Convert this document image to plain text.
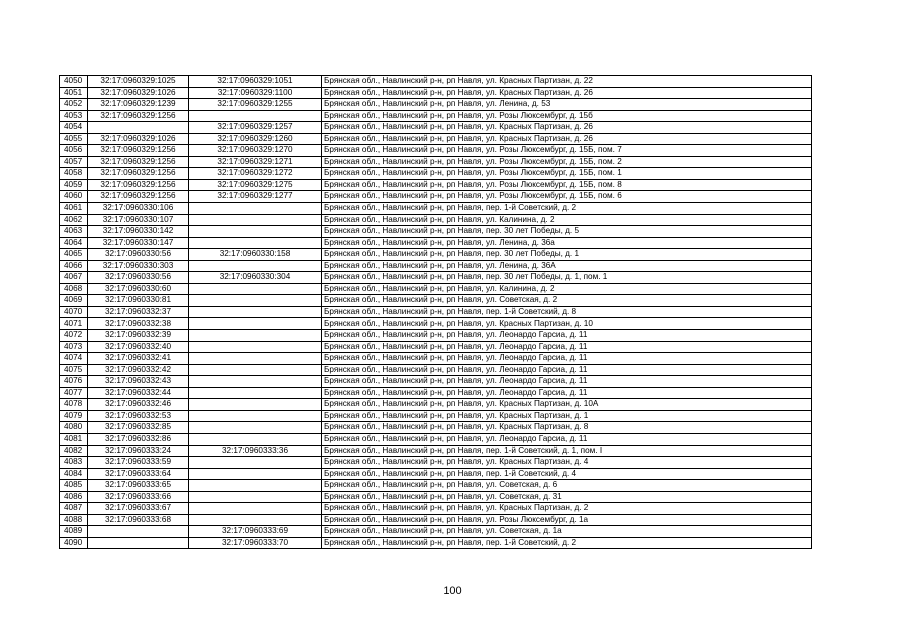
4050	32:17:0960329:1025	32:17:0960329:1051	Брянская обл., Навлинский р-н, рп Навля, ул. Красных Партизан, д. 22
4051	32:17:0960329:1026	32:17:0960329:1100	Брянская обл., Навлинский р-н, рп Навля, ул. Красных Партизан, д. 26
4052	32:17:0960329:1239	32:17:0960329:1255	Брянская обл., Навлинский р-н, рп Навля, ул. Ленина, д. 53
4053	32:17:0960329:1256		Брянская обл., Навлинский р-н, рп Навля, ул. Розы Люксембург, д. 15б
4054		32:17:0960329:1257	Брянская обл., Навлинский р-н, рп Навля, ул. Красных Партизан, д. 26
4055	32:17:0960329:1026	32:17:0960329:1260	Брянская обл., Навлинский р-н, рп Навля, ул. Красных Партизан, д. 26
4056	32:17:0960329:1256	32:17:0960329:1270	Брянская обл., Навлинский р-н, рп Навля, ул. Розы Люксембург, д. 15Б, пом. 7
4057	32:17:0960329:1256	32:17:0960329:1271	Брянская обл., Навлинский р-н, рп Навля, ул. Розы Люксембург, д. 15Б, пом. 2
4058	32:17:0960329:1256	32:17:0960329:1272	Брянская обл., Навлинский р-н, рп Навля, ул. Розы Люксембург, д. 15Б, пом. 1
4059	32:17:0960329:1256	32:17:0960329:1275	Брянская обл., Навлинский р-н, рп Навля, ул. Розы Люксембург, д. 15Б, пом. 8
4060	32:17:0960329:1256	32:17:0960329:1277	Брянская обл., Навлинский р-н, рп Навля, ул. Розы Люксембург, д. 15Б, пом. 6
4061	32:17:0960330:106		Брянская обл., Навлинский р-н, рп Навля, пер. 1-й Советский, д. 2
4062	32:17:0960330:107		Брянская обл., Навлинский р-н, рп Навля, ул. Калинина, д. 2
4063	32:17:0960330:142		Брянская обл., Навлинский р-н, рп Навля, пер. 30 лет Победы, д. 5
4064	32:17:0960330:147		Брянская обл., Навлинский р-н, рп Навля, ул. Ленина, д. 36а
4065	32:17:0960330:56	32:17:0960330:158	Брянская обл., Навлинский р-н, рп Навля, пер. 30 лет Победы, д. 1
4066	32:17:0960330:303		Брянская обл., Навлинский р-н, рп Навля, ул. Ленина, д. 36А
4067	32:17:0960330:56	32:17:0960330:304	Брянская обл., Навлинский р-н, рп Навля, пер. 30 лет Победы, д. 1, пом. 1
4068	32:17:0960330:60		Брянская обл., Навлинский р-н, рп Навля, ул. Калинина, д. 2
4069	32:17:0960330:81		Брянская обл., Навлинский р-н, рп Навля, ул. Советская, д. 2
4070	32:17:0960332:37		Брянская обл., Навлинский р-н, рп Навля, пер. 1-й Советский, д. 8
4071	32:17:0960332:38		Брянская обл., Навлинский р-н, рп Навля, ул. Красных Партизан, д. 10
4072	32:17:0960332:39		Брянская обл., Навлинский р-н, рп Навля, ул. Леонардо Гарсиа, д. 11
4073	32:17:0960332:40		Брянская обл., Навлинский р-н, рп Навля, ул. Леонардо Гарсиа, д. 11
4074	32:17:0960332:41		Брянская обл., Навлинский р-н, рп Навля, ул. Леонардо Гарсиа, д. 11
4075	32:17:0960332:42		Брянская обл., Навлинский р-н, рп Навля, ул. Леонардо Гарсиа, д. 11
4076	32:17:0960332:43		Брянская обл., Навлинский р-н, рп Навля, ул. Леонардо Гарсиа, д. 11
4077	32:17:0960332:44		Брянская обл., Навлинский р-н, рп Навля, ул. Леонардо Гарсиа, д. 11
4078	32:17:0960332:46		Брянская обл., Навлинский р-н, рп Навля, ул. Красных Партизан, д. 10А
4079	32:17:0960332:53		Брянская обл., Навлинский р-н, рп Навля, ул. Красных Партизан, д. 1
4080	32:17:0960332:85		Брянская обл., Навлинский р-н, рп Навля, ул. Красных Партизан, д. 8
4081	32:17:0960332:86		Брянская обл., Навлинский р-н, рп Навля, ул. Леонардо Гарсиа, д. 11
4082	32:17:0960333:24	32:17:0960333:36	Брянская обл., Навлинский р-н, рп Навля, пер. 1-й Советский, д. 1, пом. I
4083	32:17:0960333:59		Брянская обл., Навлинский р-н, рп Навля, ул. Красных Партизан, д. 4
4084	32:17:0960333:64		Брянская обл., Навлинский р-н, рп Навля, пер. 1-й Советский, д. 4
4085	32:17:0960333:65		Брянская обл., Навлинский р-н, рп Навля, ул. Советская, д. 6
4086	32:17:0960333:66		Брянская обл., Навлинский р-н, рп Навля, ул. Советская, д. 31
4087	32:17:0960333:67		Брянская обл., Навлинский р-н, рп Навля, ул. Красных Партизан, д. 2
4088	32:17:0960333:68		Брянская обл., Навлинский р-н, рп Навля, ул. Розы Люксембург, д. 1а
4089		32:17:0960333:69	Брянская обл., Навлинский р-н, рп Навля, ул. Советская, д. 1а
4090		32:17:0960333:70	Брянская обл., Навлинский р-н, рп Навля, пер. 1-й Советский, д. 2
100
